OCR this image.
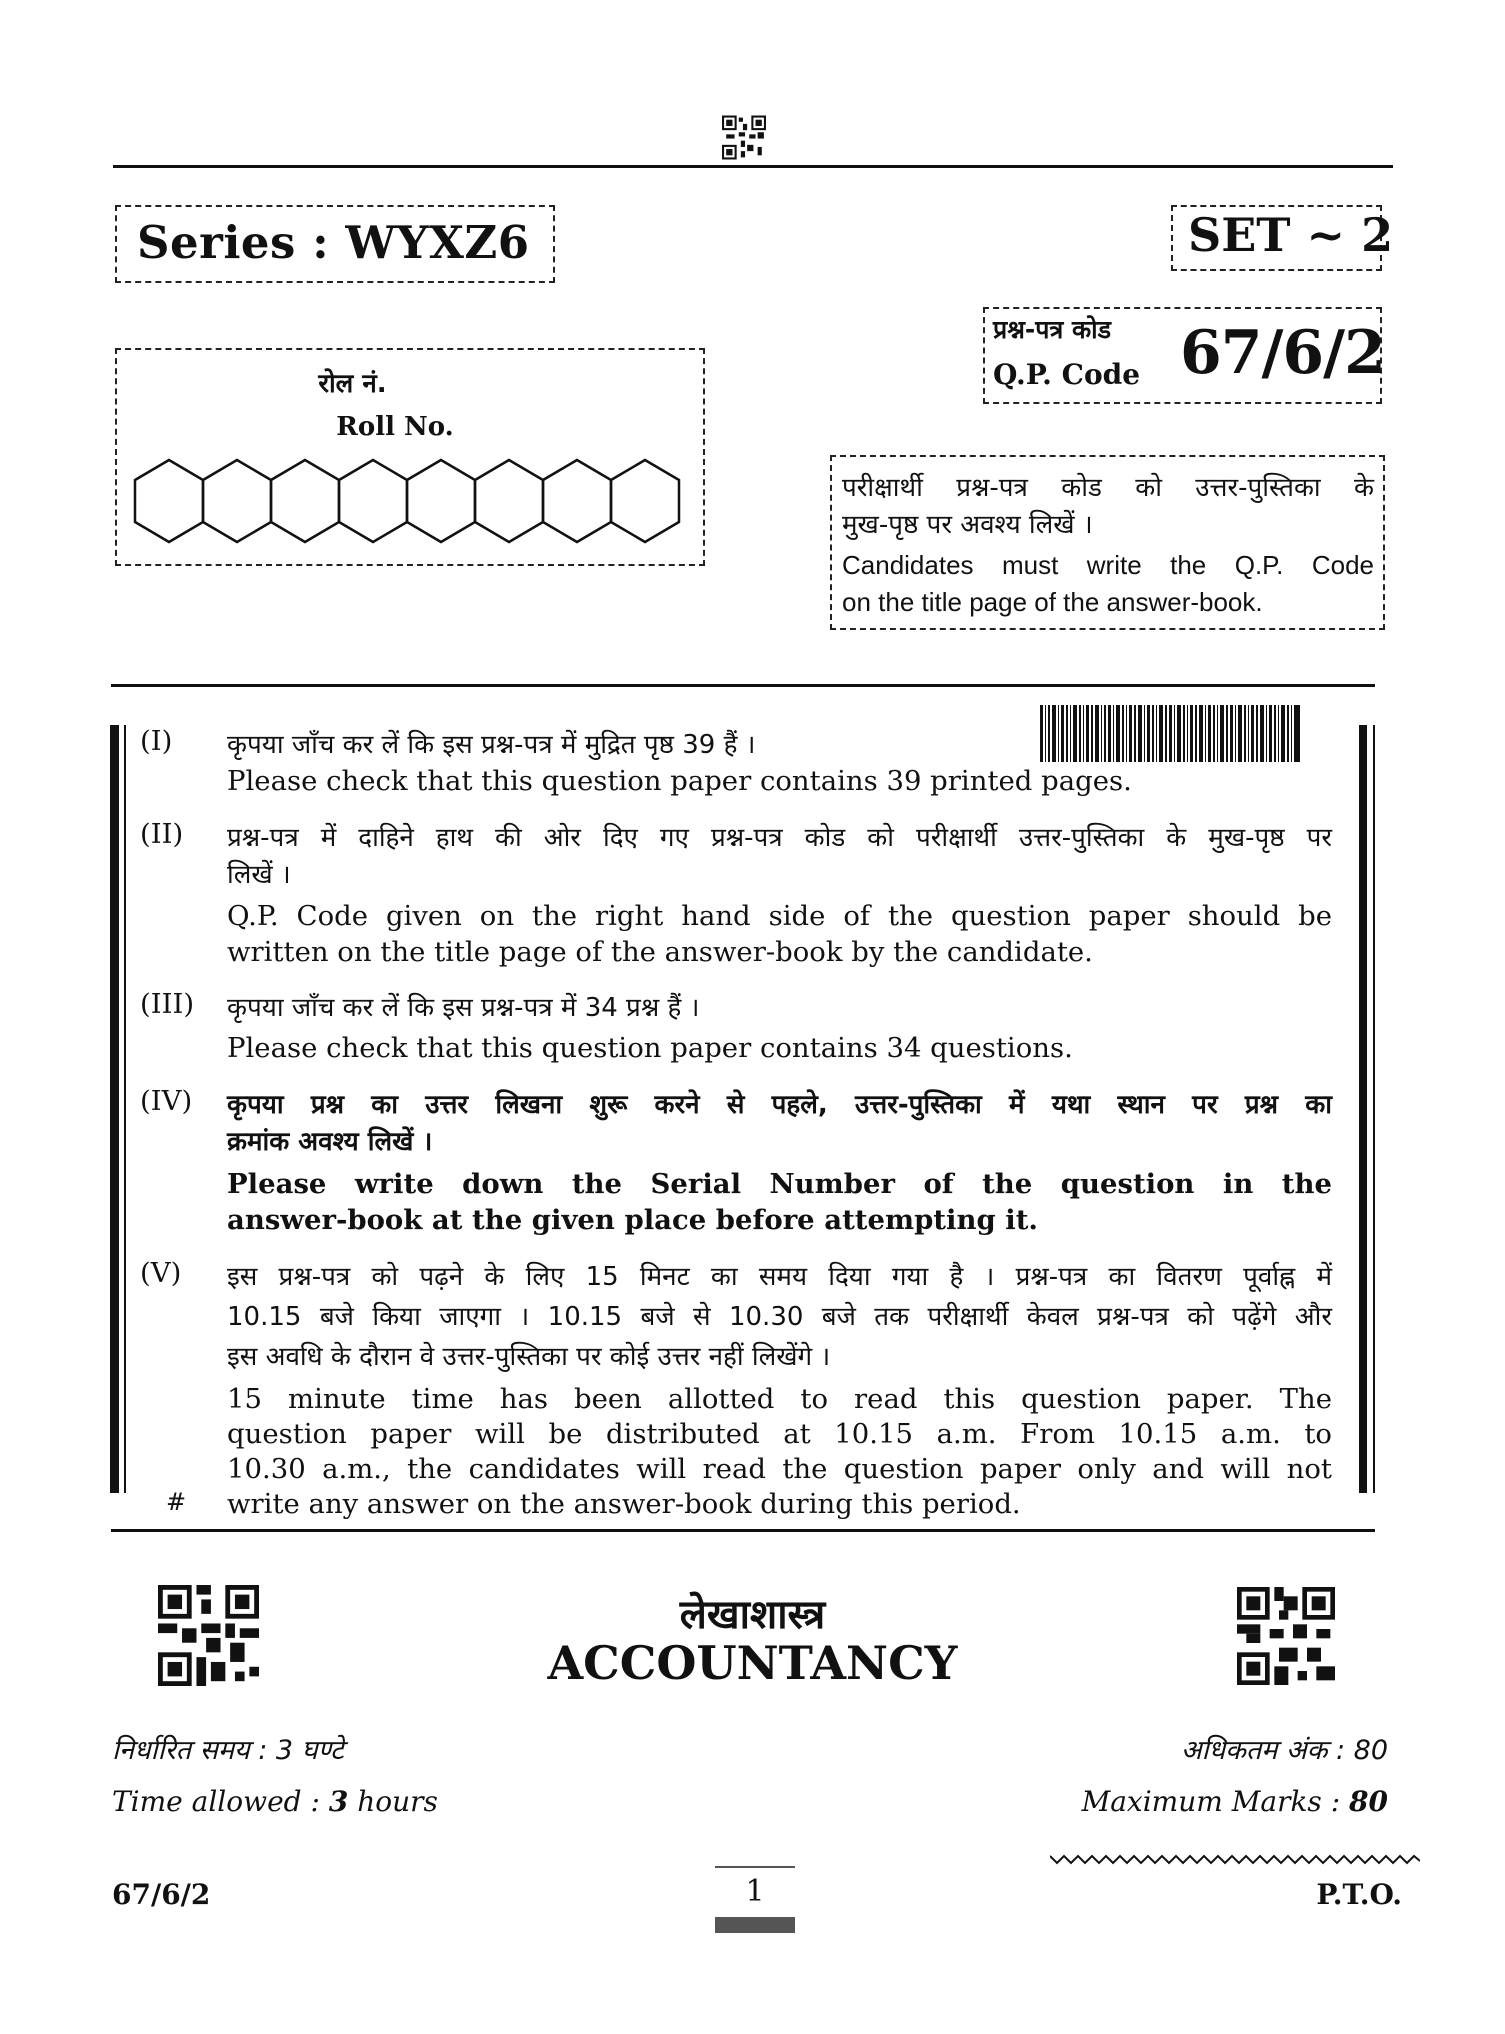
Series : WYXZ6	SET ~ 2
प्रश्न-पत्र कोड
Q.P. Code 67/6/2
रोल नं.
Roll No.
परीक्षार्थी प्रश्न-पत्र कोड को उत्तर-पुस्तिका के
मुख-पृष्ठ पर अवश्य लिखें ।
Candidates must write the Q.P. Code
on the title page of the answer-book.
(I) कृपया जाँच कर लें कि इस प्रश्न-पत्र में मुद्रित पृष्ठ 39 हैं ।
Please check that this question paper contains 39 printed pages.
(II) प्रश्न-पत्र में दाहिने हाथ की ओर दिए गए प्रश्न-पत्र कोड को परीक्षार्थी उत्तर-पुस्तिका के मुख-पृष्ठ पर
लिखें ।
Q.P. Code given on the right hand side of the question paper should be
written on the title page of the answer-book by the candidate.
(III) कृपया जाँच कर लें कि इस प्रश्न-पत्र में 34 प्रश्न हैं ।
Please check that this question paper contains 34 questions.
(IV) कृपया प्रश्न का उत्तर लिखना शुरू करने से पहले, उत्तर-पुस्तिका में यथा स्थान पर प्रश्न का
क्रमांक अवश्य लिखें ।
Please write down the Serial Number of the question in the
answer-book at the given place before attempting it.
(V) इस प्रश्न-पत्र को पढ़ने के लिए 15 मिनट का समय दिया गया है । प्रश्न-पत्र का वितरण पूर्वाह्न में
10.15 बजे किया जाएगा । 10.15 बजे से 10.30 बजे तक परीक्षार्थी केवल प्रश्न-पत्र को पढ़ेंगे और
इस अवधि के दौरान वे उत्तर-पुस्तिका पर कोई उत्तर नहीं लिखेंगे ।
15 minute time has been allotted to read this question paper. The
question paper will be distributed at 10.15 a.m. From 10.15 a.m. to
10.30 a.m., the candidates will read the question paper only and will not
write any answer on the answer-book during this period.
#
लेखाशास्त्र
ACCOUNTANCY
निर्धारित समय : 3 घण्टे
Time allowed : 3 hours
अधिकतम अंक : 80
Maximum Marks : 80
67/6/2	1	P.T.O.
